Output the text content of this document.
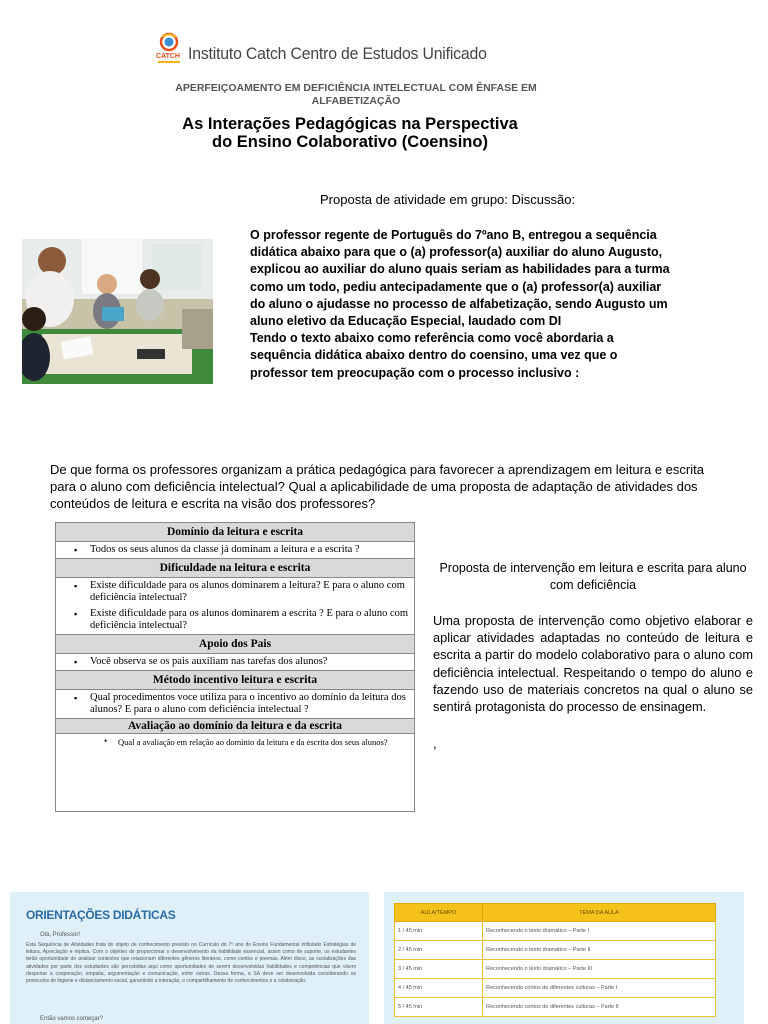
CATCH Instituto Catch Centro de Estudos Unificado
APERFEIÇOAMENTO EM DEFICIÊNCIA INTELECTUAL COM ÊNFASE EM ALFABETIZAÇÃO
As Interações Pedagógicas na Perspectiva do Ensino Colaborativo (Coensino)
Proposta de atividade em grupo: Discussão:
O professor regente de Português do 7ºano B, entregou a sequência didática abaixo para que o (a) professor(a) auxiliar do aluno Augusto, explicou ao auxiliar do aluno quais seriam as habilidades para a turma como um todo, pediu antecipadamente que o (a) professor(a) auxiliar do aluno o ajudasse no processo de alfabetização, sendo Augusto um aluno eletivo da Educação Especial, laudado com DI
Tendo o texto abaixo como referência como você abordaria a sequência didática abaixo dentro do coensino, uma vez que o professor tem preocupação com o processo inclusivo :
De que forma os professores organizam a prática pedagógica para favorecer a aprendizagem em leitura e escrita para o aluno com deficiência intelectual? Qual a aplicabilidade de uma proposta de adaptação de atividades dos conteúdos de leitura e escrita na visão dos professores?
Domínio da leitura e escrita
▪ Todos os seus alunos da classe já dominam a leitura e a escrita ?
Dificuldade na leitura e escrita
▪ Existe dificuldade para os alunos dominarem a leitura? E para o aluno com deficiência intelectual?
▪ Existe dificuldade para os alunos dominarem a escrita ? E para o aluno com deficiência intelectual?
Apoio dos Pais
▪ Você observa se os pais auxiliam nas tarefas dos alunos?
Método incentivo leitura e escrita
▪ Qual procedimentos voce utiliza para o incentivo ao domínio da leitura dos alunos? E para o aluno com deficiência intelectual ?
Avaliação ao domínio da leitura e da escrita
• Qual a avaliação em relação ao domínio da leitura e da escrita dos seus alunos?
Proposta de intervenção em leitura e escrita para aluno com deficiência
Uma proposta de intervenção como objetivo elaborar e aplicar atividades adaptadas no conteúdo de leitura e escrita a partir do modelo colaborativo para o aluno com deficiência intelectual. Respeitando o tempo do aluno e fazendo uso de materiais concretos na qual o aluno se sentirá protagonista do processo de ensinagem.
,
ORIENTAÇÕES DIDÁTICAS
Olá, Professor!
Esta Sequência de Atividades trata do objeto de conhecimento previsto no Currículo do 7º ano do Ensino Fundamental intitulado Estratégias de leitura, Apreciação e réplica. Com o objetivo de proporcionar o desenvolvimento da habilidade essencial, assim como de suporte, os estudantes terão oportunidade de analisar contextos que relacionam diferentes gêneros literários, como contos e poemas. Além disso, as socializações das atividades por parte dos estudantes são percebidas aqui como oportunidades de serem desenvolvidas habilidades e competências que visem despertar a cooperação, empatia, argumentação e comunicação, entre outras. Dessa forma, a SA deve ser desenvolvida considerando os protocolos de higiene e distanciamento social, garantindo a interação, o compartilhamento de conhecimentos e a colaboração.
Então vamos começar?
AULA/TEMPO	TEMA DA AULA
1 / 45 min	Reconhecendo o texto dramático – Parte I
2 / 45 min	Reconhecendo o texto dramático – Parte II
3 / 45 min	Reconhecendo o texto dramático – Parte III
4 / 45 min	Reconhecendo contos de diferentes culturas – Parte I
5 / 45 min	Reconhecendo contos de diferentes culturas – Parte II
